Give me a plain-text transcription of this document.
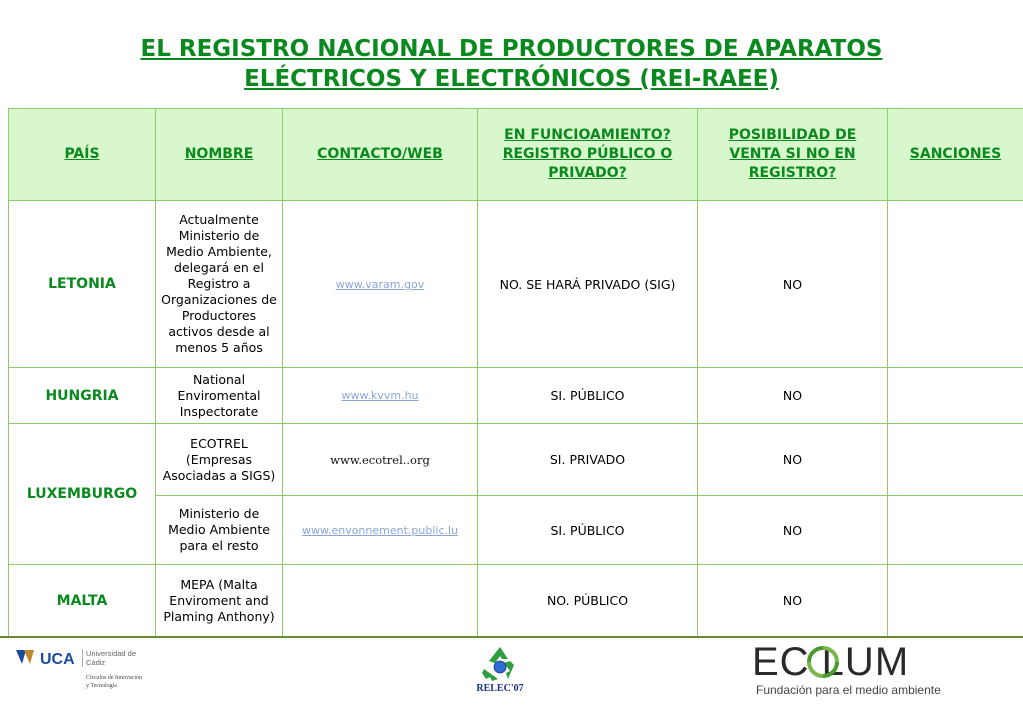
EL REGISTRO NACIONAL DE PRODUCTORES DE APARATOS
ELÉCTRICOS Y ELECTRÓNICOS (REI-RAEE)
PAÍS	NOMBRE	CONTACTO/WEB	EN FUNCIOAMIENTO? REGISTRO PÚBLICO O PRIVADO?	POSIBILIDAD DE VENTA SI NO EN REGISTRO?	SANCIONES
LETONIA	Actualmente Ministerio de Medio Ambiente, delegará en el Registro a Organizaciones de Productores activos desde al menos 5 años	www.varam.gov	NO. SE HARÁ PRIVADO (SIG)	NO	
HUNGRIA	National Enviromental Inspectorate	www.kvvm.hu	SI. PÚBLICO	NO	
LUXEMBURGO	ECOTREL (Empresas Asociadas a SIGS)	www.ecotrel..org	SI. PRIVADO	NO	
	Ministerio de Medio Ambiente para el resto	www.envonnement.public.lu	SI. PÚBLICO	NO	
MALTA	MEPA (Malta Enviroment and Plaming Anthony)		NO. PÚBLICO	NO	
UCA	Universidad de Cádiz
Círculos de Innovación y Tecnología	RELEC'07
EC LUM
Fundación para el medio ambiente
